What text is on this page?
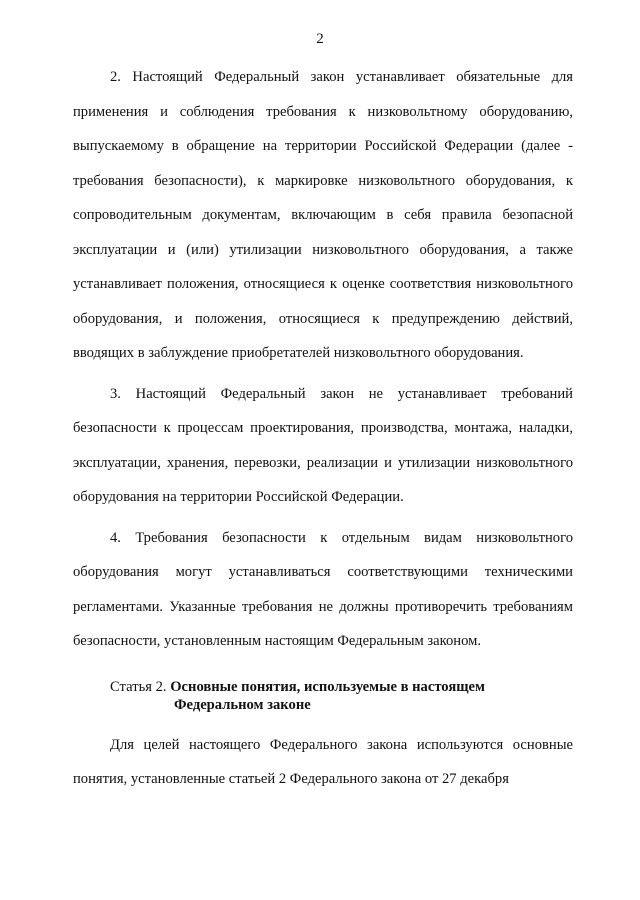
2

2. Настоящий Федеральный закон устанавливает обязательные для применения и соблюдения требования к низковольтному оборудованию, выпускаемому в обращение на территории Российской Федерации (далее - требования безопасности), к маркировке низковольтного оборудования, к сопроводительным документам, включающим в себя правила безопасной эксплуатации и (или) утилизации низковольтного оборудования, а также устанавливает положения, относящиеся к оценке соответствия низковольтного оборудования, и положения, относящиеся к предупреждению действий, вводящих в заблуждение приобретателей низковольтного оборудования.

3. Настоящий Федеральный закон не устанавливает требований безопасности к процессам проектирования, производства, монтажа, наладки, эксплуатации, хранения, перевозки, реализации и утилизации низковольтного оборудования на территории Российской Федерации.

4. Требования безопасности к отдельным видам низковольтного оборудования могут устанавливаться соответствующими техническими регламентами. Указанные требования не должны противоречить требованиям безопасности, установленным настоящим Федеральным законом.

Статья 2. Основные понятия, используемые в настоящем
Федеральном законе

Для целей настоящего Федерального закона используются основные понятия, установленные статьей 2 Федерального закона от 27 декабря
